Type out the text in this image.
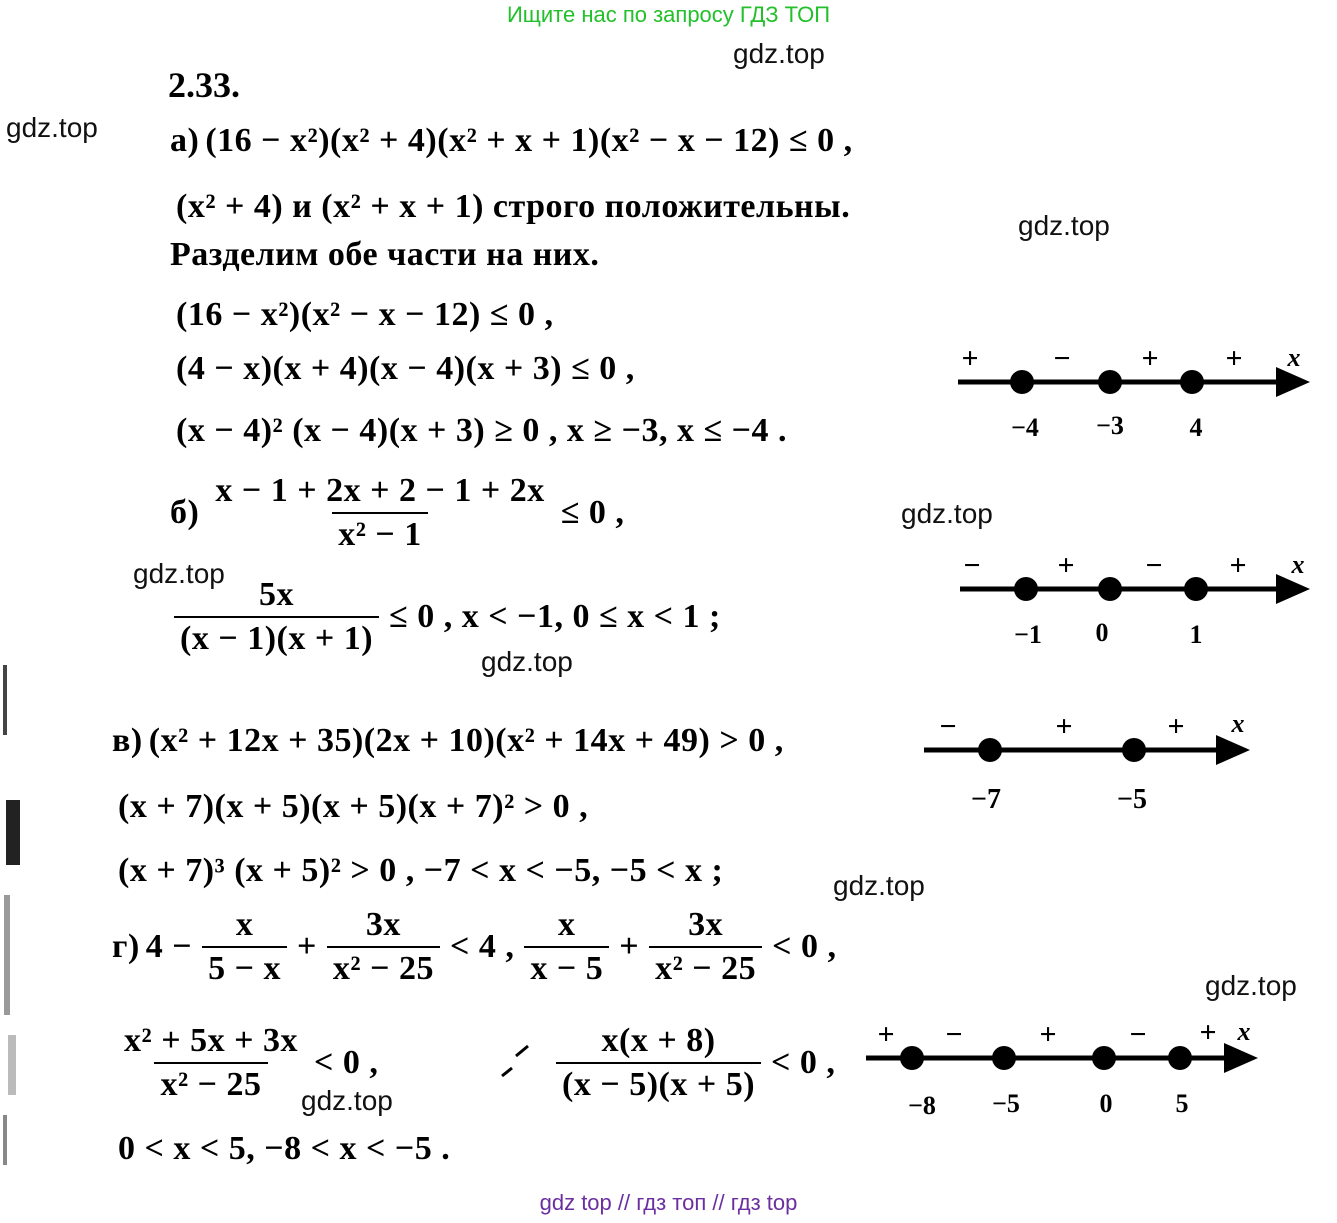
Ищите нас по запросу ГДЗ ТОП
gdz.top
gdz.top
gdz.top
gdz.top
gdz.top
gdz.top
gdz.top
gdz.top
gdz.top
2.33.
а) (16 − x²)(x² + 4)(x² + x + 1)(x² − x − 12) ≤ 0 ,
(x² + 4) и (x² + x + 1) строго положительны.
Разделим обе части на них.
(16 − x²)(x² − x − 12) ≤ 0 ,
(4 − x)(x + 4)(x − 4)(x + 3) ≤ 0 ,
(x − 4)² (x − 4)(x + 3) ≥ 0 , x ≥ −3, x ≤ −4 .
$б) \frac{x - 1 + 2x + 2 - 1 + 2x}{\text{x² − 1}} \le 0$ ,
$\frac{5x}{(x - 1)(x + 1)} \le 0$ , x < −1, 0 ≤ x < 1 ;
в) (x² + 12x + 35)(2x + 10)(x² + 14x + 49) > 0 ,
(x + 7)(x + 5)(x + 5)(x + 7)² > 0 ,
(x + 7)³ (x + 5)² > 0 , −7 < x < −5, −5 < x ;
г) $4 - \frac{x}{5 - x} + \frac{3x}{\text{x² − 25}} < 4$ , $\frac{x}{x - 5} + \frac{3x}{\text{x² − 25}} < 0$ ,
$\frac{\text{x² + 5x + 3x}}{\text{x² − 25}} < 0$ ,	$\frac{x(x + 8)}{(x - 5)(x + 5)} < 0$ ,
0 < x < 5, −8 < x < −5 .
+ − + + x
−4 −3	4
−	+ − + x
−1 0	1
−	+	+ x
−7	−5
+ −	+ − + x
−8 −5	0 5
gdz top // гдз топ // гдз top
